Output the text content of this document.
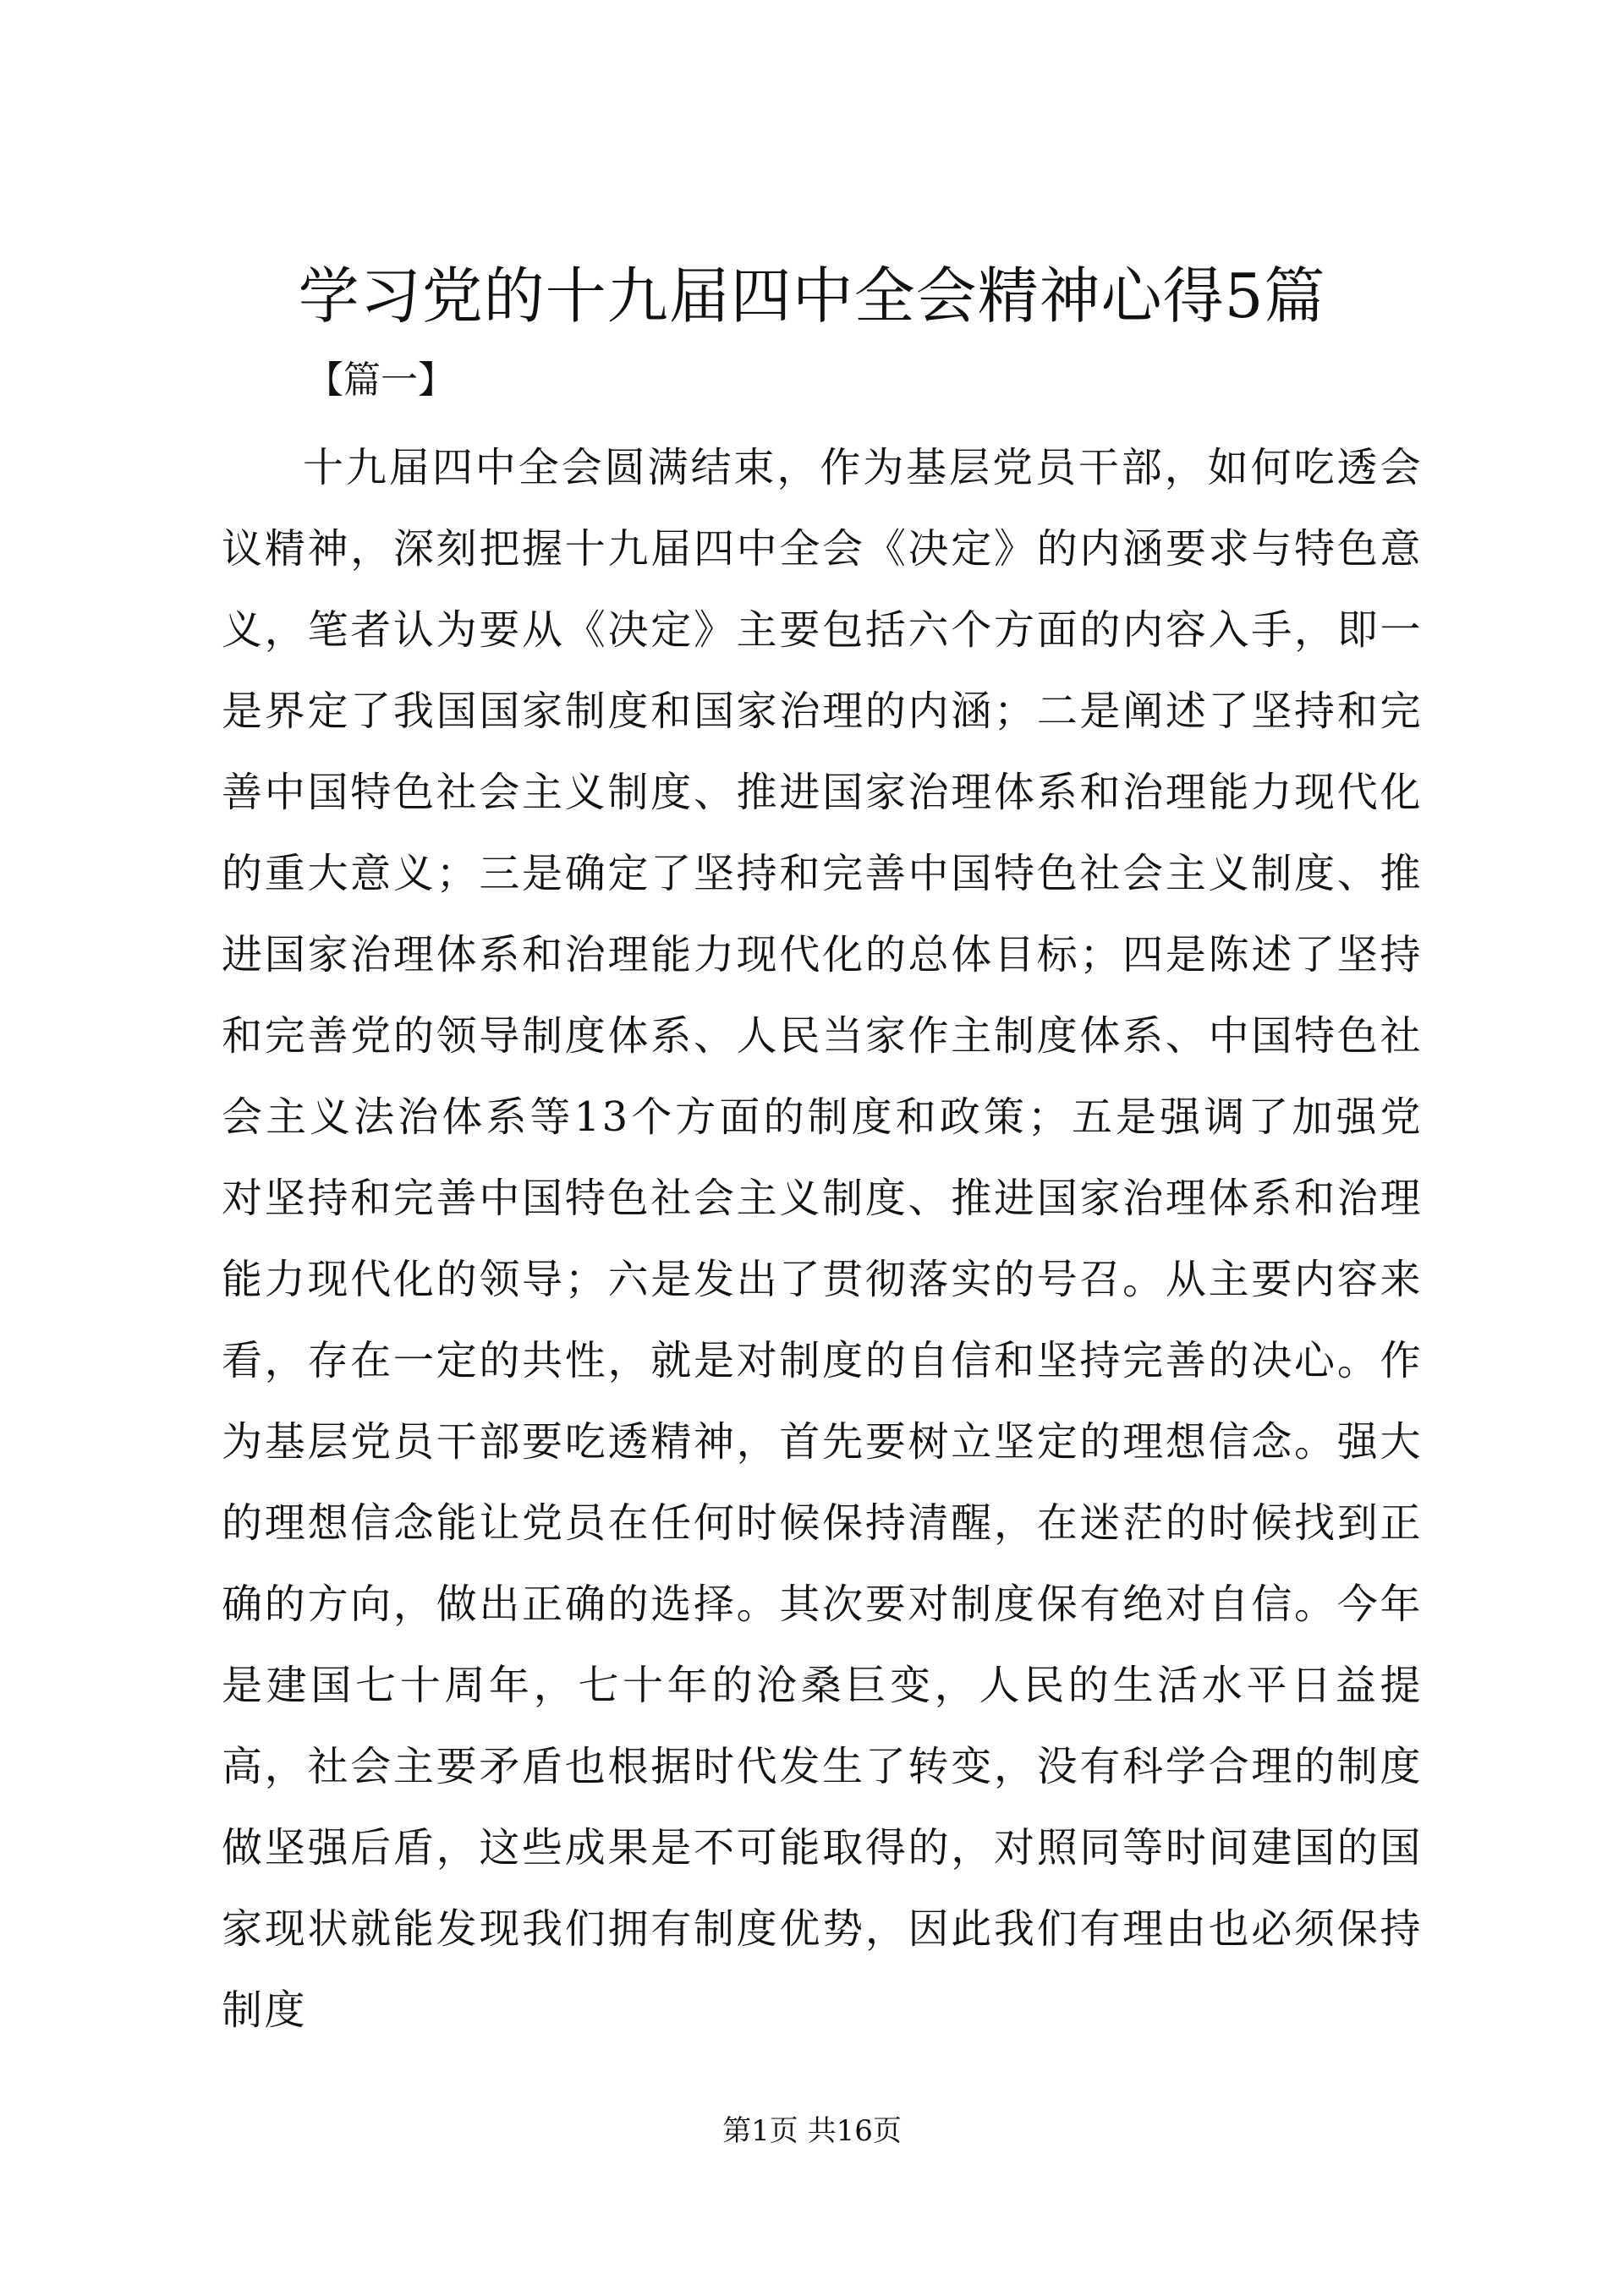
学习党的十九届四中全会精神心得5篇

【篇一】

十九届四中全会圆满结束，作为基层党员干部，如何吃透会议精神，深刻把握十九届四中全会《决定》的内涵要求与特色意义，笔者认为要从《决定》主要包括六个方面的内容入手，即一是界定了我国国家制度和国家治理的内涵；二是阐述了坚持和完善中国特色社会主义制度、推进国家治理体系和治理能力现代化的重大意义；三是确定了坚持和完善中国特色社会主义制度、推进国家治理体系和治理能力现代化的总体目标；四是陈述了坚持和完善党的领导制度体系、人民当家作主制度体系、中国特色社会主义法治体系等13个方面的制度和政策；五是强调了加强党对坚持和完善中国特色社会主义制度、推进国家治理体系和治理能力现代化的领导；六是发出了贯彻落实的号召。从主要内容来看，存在一定的共性，就是对制度的自信和坚持完善的决心。作为基层党员干部要吃透精神，首先要树立坚定的理想信念。强大的理想信念能让党员在任何时候保持清醒，在迷茫的时候找到正确的方向，做出正确的选择。其次要对制度保有绝对自信。今年是建国七十周年，七十年的沧桑巨变，人民的生活水平日益提高，社会主要矛盾也根据时代发生了转变，没有科学合理的制度做坚强后盾，这些成果是不可能取得的，对照同等时间建国的国家现状就能发现我们拥有制度优势，因此我们有理由也必须保持制度

第1页 共16页
